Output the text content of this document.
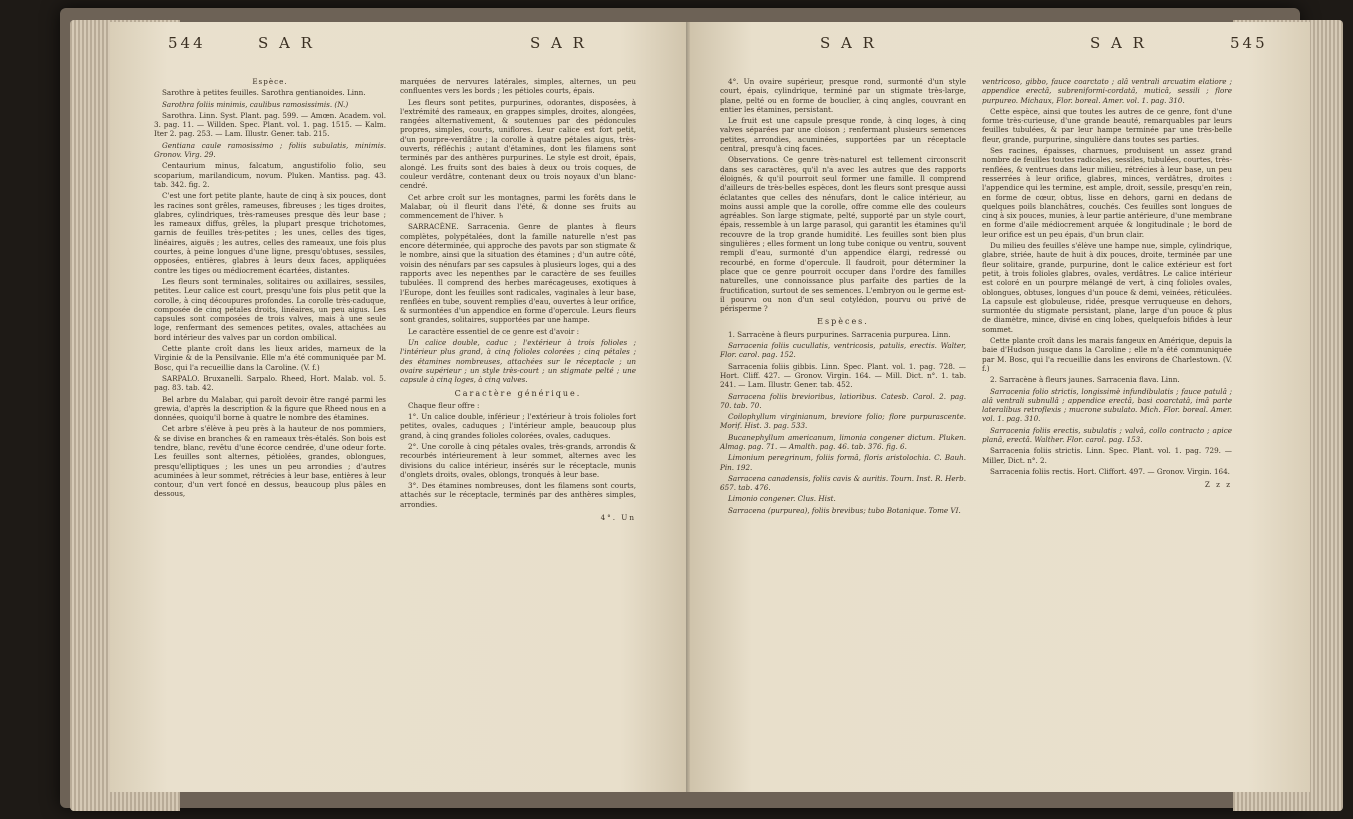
544	S A R	S A R

Espèce.

Sarothre à petites feuilles. Sarothra gentianoides. Linn.

Sarothra foliis minimis, caulibus ramosissimis. (N.)

Sarothra. Linn. Syst. Plant. pag. 599. — Amœn. Academ. vol. 3. pag. 11. — Willden. Spec. Plant. vol. 1. pag. 1515. — Kalm. Iter 2. pag. 253. — Lam. Illustr. Gener. tab. 215.

Gentiana caule ramosissimo ; foliis subulatis, minimis. Gronov. Virg. 29.

Centaurium minus, falcatum, angustifolio folio, seu scoparium, marilandicum, novum. Pluken. Mantiss. pag. 43. tab. 342. fig. 2.

C'est une fort petite plante, haute de cinq à six pouces, dont les racines sont grêles, rameuses, fibreuses ; les tiges droites, glabres, cylindriques, très-rameuses presque dès leur base ; les rameaux diffus, grêles, la plupart presque trichotomes, garnis de feuilles très-petites ; les unes, celles des tiges, linéaires, aiguës ; les autres, celles des rameaux, une fois plus courtes, à peine longues d'une ligne, presqu'obtuses, sessiles, opposées, entières, glabres à leurs deux faces, appliquées contre les tiges ou médiocrement écartées, distantes.

Les fleurs sont terminales, solitaires ou axillaires, sessiles, petites. Leur calice est court, presqu'une fois plus petit que la corolle, à cinq découpures profondes. La corolle très-caduque, composée de cinq pétales droits, linéaires, un peu aigus. Les capsules sont composées de trois valves, mais à une seule loge, renfermant des semences petites, ovales, attachées au bord intérieur des valves par un cordon ombilical.

Cette plante croît dans les lieux arides, marneux de la Virginie & de la Pensilvanie. Elle m'a été communiquée par M. Bosc, qui l'a recueillie dans la Caroline. (V. f.)

SARPALO. Bruxanelli. Sarpalo. Rheed, Hort. Malab. vol. 5. pag. 83. tab. 42.

Bel arbre du Malabar, qui paroît devoir être rangé parmi les grewia, d'après la description & la figure que Rheed nous en a données, quoiqu'il borne à quatre le nombre des étamines.

Cet arbre s'élève à peu près à la hauteur de nos pommiers, & se divise en branches & en rameaux très-étalés. Son bois est tendre, blanc, revêtu d'une écorce cendrée, d'une odeur forte. Les feuilles sont alternes, pétiolées, grandes, oblongues, presqu'elliptiques ; les unes un peu arrondies ; d'autres acuminées à leur sommet, rétrécies à leur base, entières à leur contour, d'un vert foncé en dessus, beaucoup plus pâles en dessous,

marquées de nervures latérales, simples, alternes, un peu confluentes vers les bords ; les pétioles courts, épais.

Les fleurs sont petites, purpurines, odorantes, disposées, à l'extrémité des rameaux, en grappes simples, droites, alongées, rangées alternativement, & soutenues par des pédoncules propres, simples, courts, uniflores. Leur calice est fort petit, d'un pourpre-verdâtre ; la corolle à quatre pétales aigus, très-ouverts, réfléchis ; autant d'étamines, dont les filamens sont terminés par des anthères purpurines. Le style est droit, épais, alongé. Les fruits sont des baies à deux ou trois coques, de couleur verdâtre, contenant deux ou trois noyaux d'un blanc-cendré.

Cet arbre croît sur les montagnes, parmi les forêts dans le Malabar, où il fleurit dans l'été, & donne ses fruits au commencement de l'hiver. ♄

SARRACÈNE. Sarracenia. Genre de plantes à fleurs complètes, polypétalées, dont la famille naturelle n'est pas encore déterminée, qui approche des pavots par son stigmate & le nombre, ainsi que la situation des étamines ; d'un autre côté, voisin des nénufars par ses capsules à plusieurs loges, qui a des rapports avec les nepenthes par le caractère de ses feuilles tubulées. Il comprend des herbes marécageuses, exotiques à l'Europe, dont les feuilles sont radicales, vaginales à leur base, renflées en tube, souvent remplies d'eau, ouvertes à leur orifice, & surmontées d'un appendice en forme d'opercule. Leurs fleurs sont grandes, solitaires, supportées par une hampe.

Le caractère essentiel de ce genre est d'avoir :

Un calice double, caduc ; l'extérieur à trois folioles ; l'intérieur plus grand, à cinq folioles colorées ; cinq pétales ; des étamines nombreuses, attachées sur le réceptacle ; un ovaire supérieur ; un style très-court ; un stigmate pelté ; une capsule à cinq loges, à cinq valves.

Caractère générique.

Chaque fleur offre :

1°. Un calice double, inférieur ; l'extérieur à trois folioles fort petites, ovales, caduques ; l'intérieur ample, beaucoup plus grand, à cinq grandes folioles colorées, ovales, caduques.

2°. Une corolle à cinq pétales ovales, très-grands, arrondis & recourbés intérieurement à leur sommet, alternes avec les divisions du calice intérieur, insérés sur le réceptacle, munis d'onglets droits, ovales, oblongs, tronqués à leur base.

3°. Des étamines nombreuses, dont les filamens sont courts, attachés sur le réceptacle, terminés par des anthères simples, arrondies.

4°. Un

S A R	S A R	545

4°. Un ovaire supérieur, presque rond, surmonté d'un style court, épais, cylindrique, terminé par un stigmate très-large, plane, pelté ou en forme de bouclier, à cinq angles, couvrant en entier les étamines, persistant.

Le fruit est une capsule presque ronde, à cinq loges, à cinq valves séparées par une cloison ; renfermant plusieurs semences petites, arrondies, acuminées, supportées par un réceptacle central, presqu'à cinq faces.

Observations. Ce genre très-naturel est tellement circonscrit dans ses caractères, qu'il n'a avec les autres que des rapports éloignés, & qu'il pourroit seul former une famille. Il comprend d'ailleurs de très-belles espèces, dont les fleurs sont presque aussi éclatantes que celles des nénufars, dont le calice intérieur, au moins aussi ample que la corolle, offre comme elle des couleurs agréables. Son large stigmate, pelté, supporté par un style court, épais, ressemble à un large parasol, qui garantit les étamines qu'il recouvre de la trop grande humidité. Les feuilles sont bien plus singulières ; elles forment un long tube conique ou ventru, souvent rempli d'eau, surmonté d'un appendice élargi, redressé ou recourbé, en forme d'opercule. Il faudroit, pour déterminer la place que ce genre pourroit occuper dans l'ordre des familles naturelles, une connoissance plus parfaite des parties de la fructification, surtout de ses semences. L'embryon ou le germe est-il pourvu ou non d'un seul cotylédon, pourvu ou privé de périsperme ?

Espèces.

1. Sarracène à fleurs purpurines. Sarracenia purpurea. Linn.

Sarracenia foliis cucullatis, ventricosis, patulis, erectis. Walter, Flor. carol. pag. 152.

Sarracenia foliis gibbis. Linn. Spec. Plant. vol. 1. pag. 728. — Hort. Cliff. 427. — Gronov. Virgin. 164. — Mill. Dict. n°. 1. tab. 241. — Lam. Illustr. Gener. tab. 452.

Sarracena foliis brevioribus, latioribus. Catesb. Carol. 2. pag. 70. tab. 70.

Coilophyllum virginianum, breviore folio; flore purpurascente. Morif. Hist. 3. pag. 533.

Bucanephyllum americanum, limonia congener dictum. Pluken. Almag. pag. 71. — Amalth. pag. 46. tab. 376. fig. 6.

Limonium peregrinum, foliis formâ, floris aristolochia. C. Bauh. Pin. 192.

Sarracena canadensis, foliis cavis & auritis. Tourn. Inst. R. Herb. 657. tab. 476.

Limonio congener. Clus. Hist.

Sarracena (purpurea), foliis brevibus; tubo Botanique. Tome VI.

ventricoso, gibbo, fauce coarctato ; alâ ventrali arcuatim elatiore ; appendice erectâ, subreniformi-cordatâ, muticâ, sessili ; flore purpureo. Michaux, Flor. boreal. Amer. vol. 1. pag. 310.

Cette espèce, ainsi que toutes les autres de ce genre, font d'une forme très-curieuse, d'une grande beauté, remarquables par leurs feuilles tubulées, & par leur hampe terminée par une très-belle fleur, grande, purpurine, singulière dans toutes ses parties.

Ses racines, épaisses, charnues, produisent un assez grand nombre de feuilles toutes radicales, sessiles, tubulées, courtes, très-renflées, & ventrues dans leur milieu, rétrécies à leur base, un peu resserrées à leur orifice, glabres, minces, verdâtres, droites : l'appendice qui les termine, est ample, droit, sessile, presqu'en rein, en forme de cœur, obtus, lisse en dehors, garni en dedans de quelques poils blanchâtres, couchés. Ces feuilles sont longues de cinq à six pouces, munies, à leur partie antérieure, d'une membrane en forme d'aile médiocrement arquée & longitudinale ; le bord de leur orifice est un peu épais, d'un brun clair.

Du milieu des feuilles s'élève une hampe nue, simple, cylindrique, glabre, striée, haute de huit à dix pouces, droite, terminée par une fleur solitaire, grande, purpurine, dont le calice extérieur est fort petit, à trois folioles glabres, ovales, verdâtres. Le calice intérieur est coloré en un pourpre mélangé de vert, à cinq folioles ovales, oblongues, obtuses, longues d'un pouce & demi, veinées, réticulées. La capsule est globuleuse, ridée, presque verruqueuse en dehors, surmontée du stigmate persistant, plane, large d'un pouce & plus de diamètre, mince, divisé en cinq lobes, quelquefois bifides à leur sommet.

Cette plante croît dans les marais fangeux en Amérique, depuis la baie d'Hudson jusque dans la Caroline ; elle m'a été communiquée par M. Bosc, qui l'a recueillie dans les environs de Charlestown. (V. f.)

2. Sarracène à fleurs jaunes. Sarracenia flava. Linn.

Sarracenia folio strictis, longissimè infundibulatis ; fauce patulâ ; alâ ventrali subnullâ ; appendice erectâ, basi coarctatâ, imâ parte lateralibus retroflexis ; mucrone subulato. Mich. Flor. boreal. Amer. vol. 1. pag. 310.

Sarracenia foliis erectis, subulatis ; valvâ, collo contracto ; apice planâ, erectâ. Walther. Flor. carol. pag. 153.

Sarracenia foliis strictis. Linn. Spec. Plant. vol. 1. pag. 729. — Miller, Dict. n°. 2.

Sarracenia foliis rectis. Hort. Cliffort. 497. — Gronov. Virgin. 164.

Z z z
